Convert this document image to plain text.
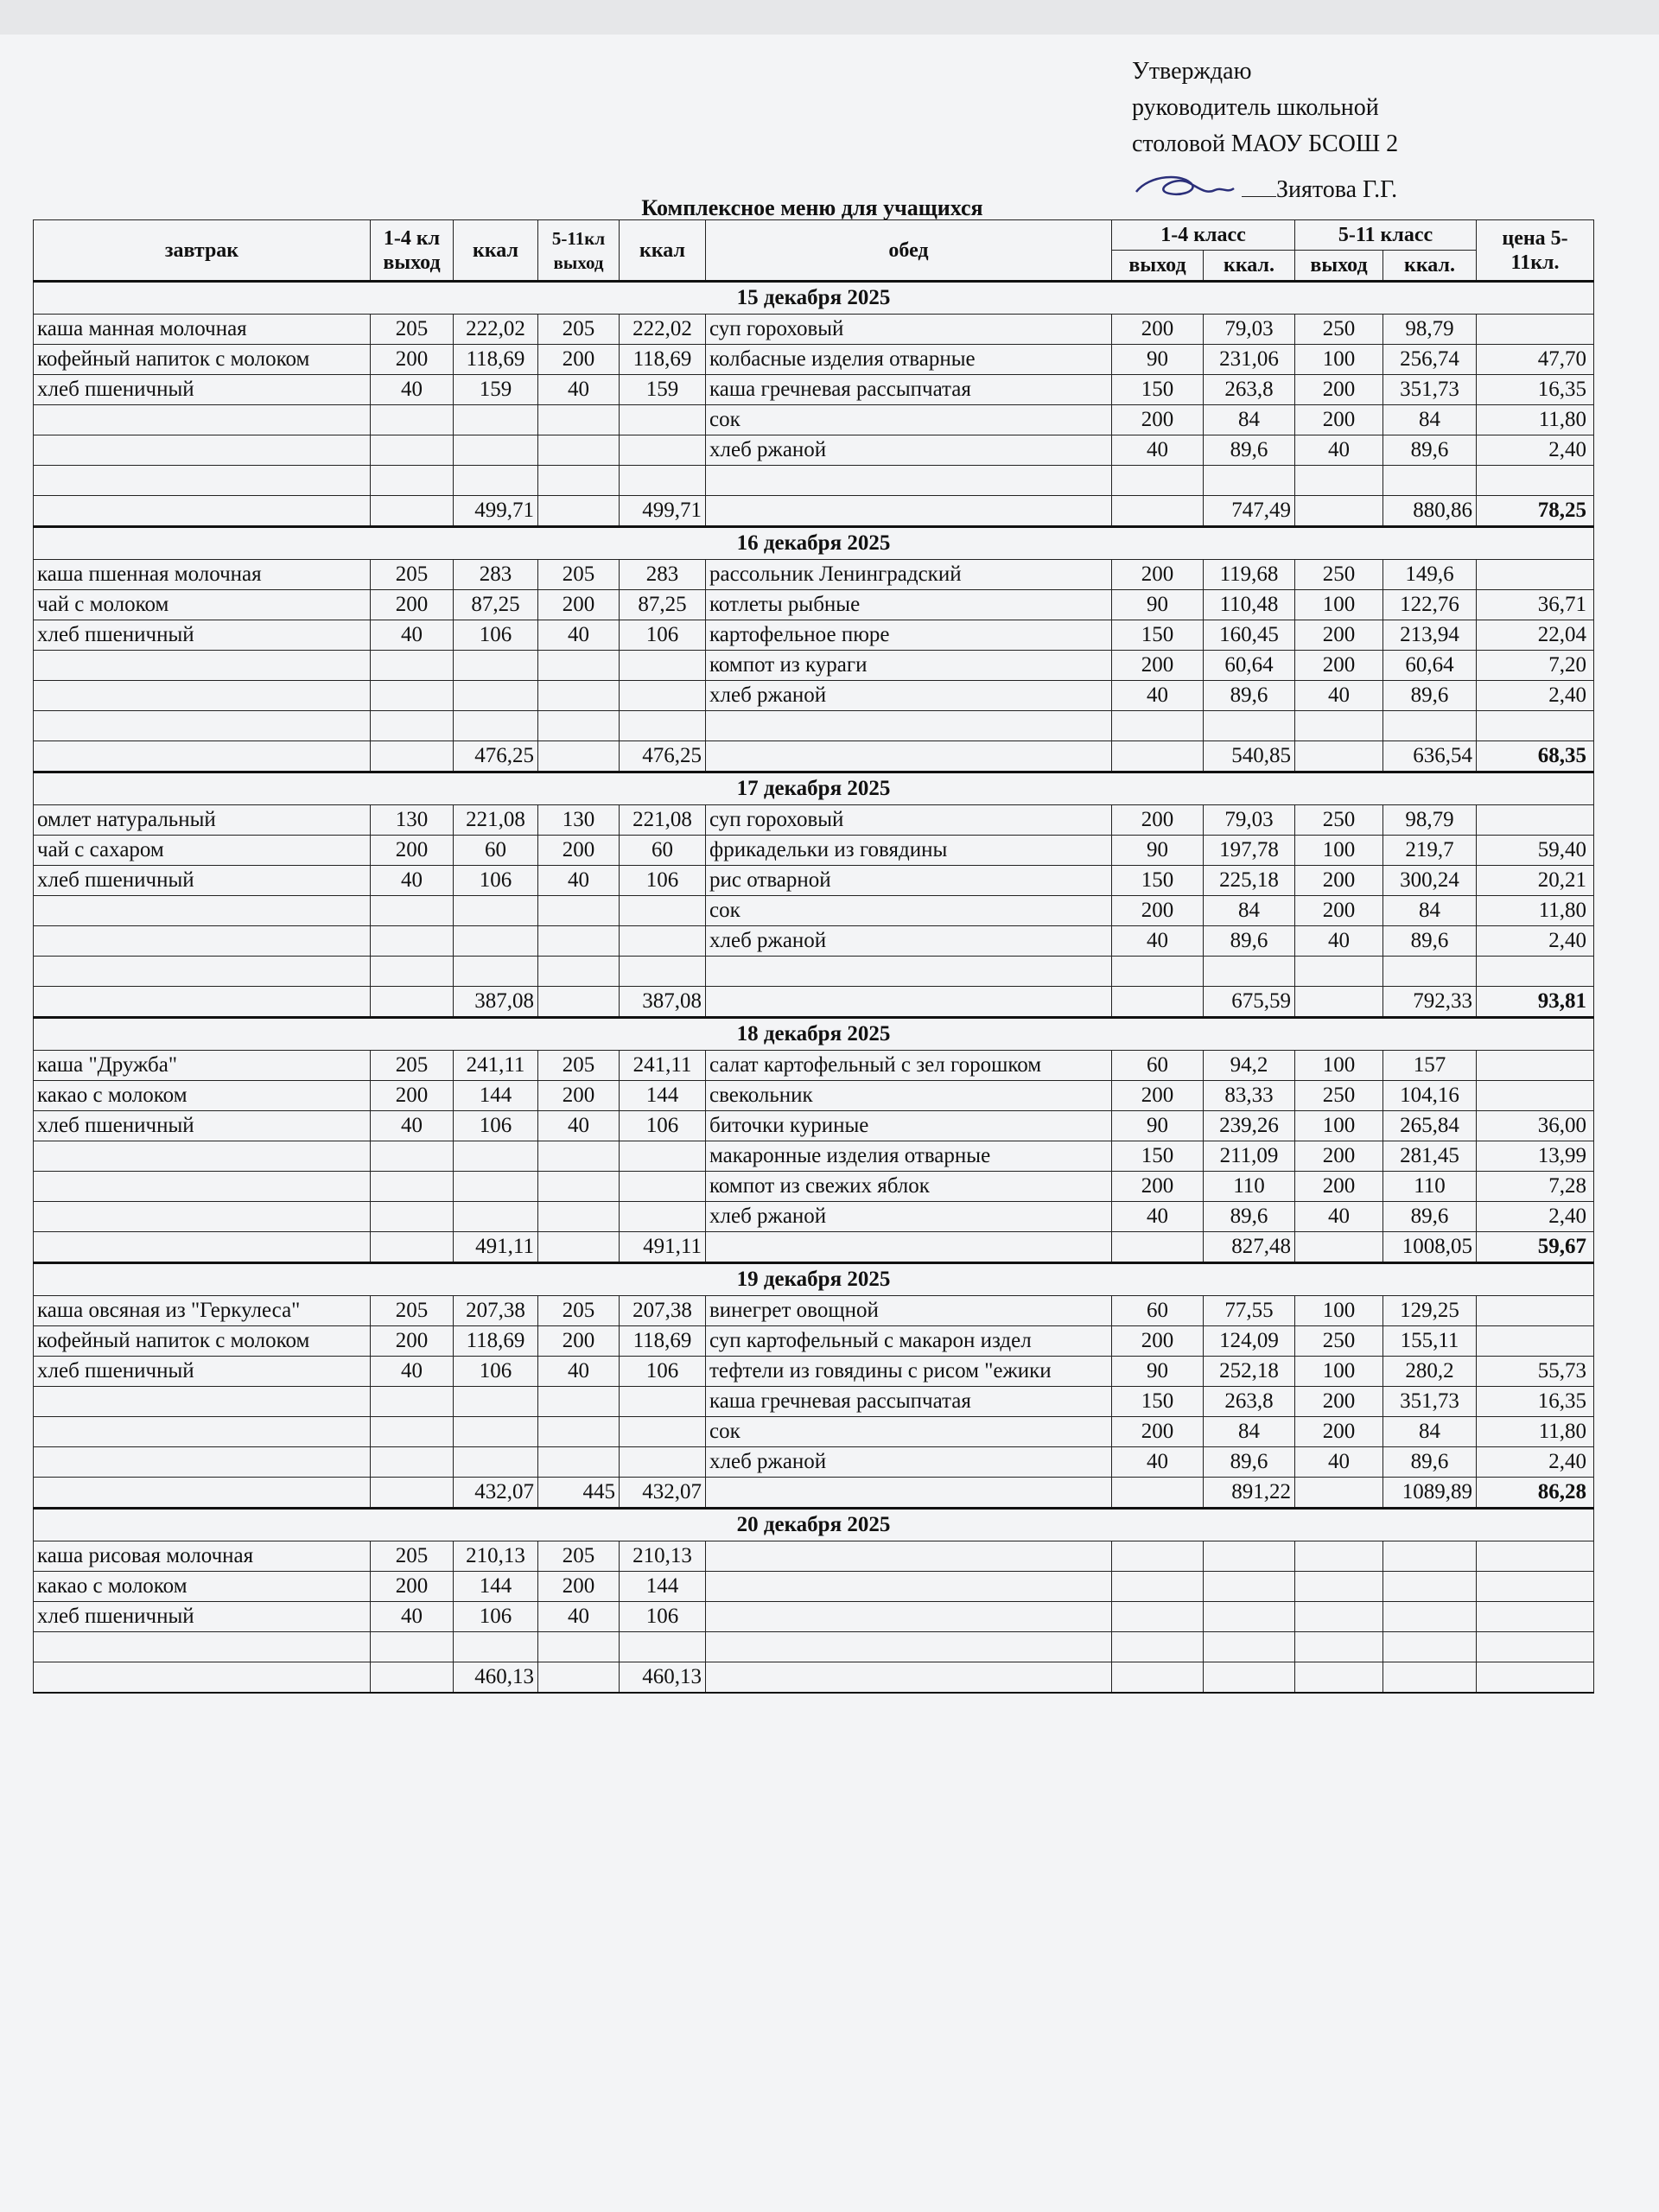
Утверждаю
руководитель школьной
столовой МАОУ БСОШ 2
Зиятова Г.Г.
Комплексное меню для учащихся
завтрак	1-4 кл выход	ккал	5-11кл выход	ккал	обед	1-4 класс		5-11 класс		цена 5-11кл.
						выход	ккал.	выход	ккал.	
15 декабря 2025										
каша манная молочная	205	222,02	205	222,02	суп гороховый	200	79,03	250	98,79	
кофейный напиток с молоком	200	118,69	200	118,69	колбасные изделия отварные	90	231,06	100	256,74	47,70
хлеб пшеничный	40	159	40	159	каша гречневая рассыпчатая	150	263,8	200	351,73	16,35
					сок	200	84	200	84	11,80
					хлеб ржаной	40	89,6	40	89,6	2,40

		499,71		499,71			747,49		880,86	78,25
16 декабря 2025										
каша пшенная молочная	205	283	205	283	рассольник Ленинградский	200	119,68	250	149,6	
чай с молоком	200	87,25	200	87,25	котлеты рыбные	90	110,48	100	122,76	36,71
хлеб пшеничный	40	106	40	106	картофельное пюре	150	160,45	200	213,94	22,04
					компот из кураги	200	60,64	200	60,64	7,20
					хлеб ржаной	40	89,6	40	89,6	2,40

		476,25		476,25			540,85		636,54	68,35
17 декабря 2025										
омлет натуральный	130	221,08	130	221,08	суп гороховый	200	79,03	250	98,79	
чай с сахаром	200	60	200	60	фрикадельки из говядины	90	197,78	100	219,7	59,40
хлеб пшеничный	40	106	40	106	рис отварной	150	225,18	200	300,24	20,21
					сок	200	84	200	84	11,80
					хлеб ржаной	40	89,6	40	89,6	2,40

		387,08		387,08			675,59		792,33	93,81
18 декабря 2025										
каша "Дружба"	205	241,11	205	241,11	салат картофельный с зел горошком	60	94,2	100	157	
какао с молоком	200	144	200	144	свекольник	200	83,33	250	104,16	
хлеб пшеничный	40	106	40	106	биточки куриные	90	239,26	100	265,84	36,00
					макаронные изделия отварные	150	211,09	200	281,45	13,99
					компот из свежих яблок	200	110	200	110	7,28
					хлеб ржаной	40	89,6	40	89,6	2,40
		491,11		491,11			827,48		1008,05	59,67
19 декабря 2025										
каша овсяная из "Геркулеса"	205	207,38	205	207,38	винегрет овощной	60	77,55	100	129,25	
кофейный напиток с молоком	200	118,69	200	118,69	суп картофельный с макарон издел	200	124,09	250	155,11	
хлеб пшеничный	40	106	40	106	тефтели из говядины с рисом "ежики	90	252,18	100	280,2	55,73
					каша гречневая рассыпчатая	150	263,8	200	351,73	16,35
					сок	200	84	200	84	11,80
					хлеб ржаной	40	89,6	40	89,6	2,40
		432,07	445	432,07			891,22		1089,89	86,28
20 декабря 2025										
каша рисовая молочная	205	210,13	205	210,13						
какао с молоком	200	144	200	144						
хлеб пшеничный	40	106	40	106						

		460,13		460,13						
